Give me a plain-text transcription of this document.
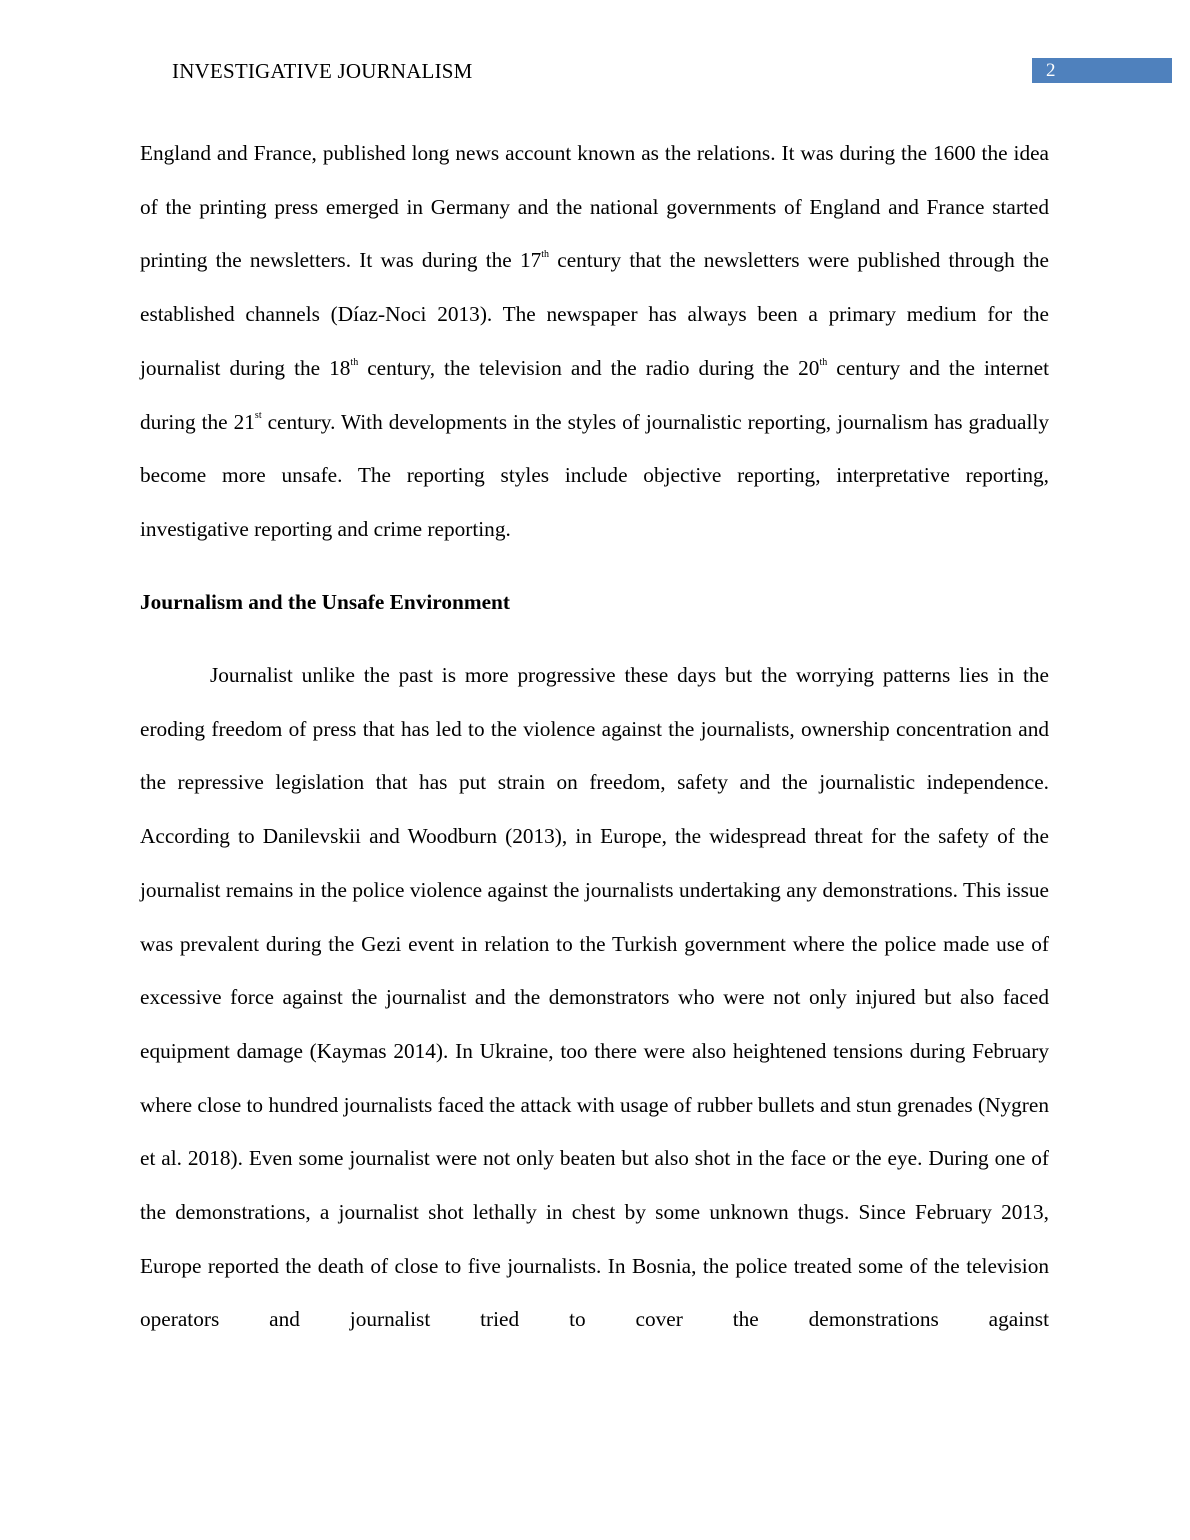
INVESTIGATIVE JOURNALISM	2

England and France, published long news account known as the relations. It was during the 1600 the idea of the printing press emerged in Germany and the national governments of England and France started printing the newsletters. It was during the 17th century that the newsletters were published through the established channels (Díaz-Noci 2013). The newspaper has always been a primary medium for the journalist during the 18th century, the television and the radio during the 20th century and the internet during the 21st century. With developments in the styles of journalistic reporting, journalism has gradually become more unsafe. The reporting styles include objective reporting, interpretative reporting, investigative reporting and crime reporting.

Journalism and the Unsafe Environment

Journalist unlike the past is more progressive these days but the worrying patterns lies in the eroding freedom of press that has led to the violence against the journalists, ownership concentration and the repressive legislation that has put strain on freedom, safety and the journalistic independence. According to Danilevskii and Woodburn (2013), in Europe, the widespread threat for the safety of the journalist remains in the police violence against the journalists undertaking any demonstrations. This issue was prevalent during the Gezi event in relation to the Turkish government where the police made use of excessive force against the journalist and the demonstrators who were not only injured but also faced equipment damage (Kaymas 2014). In Ukraine, too there were also heightened tensions during February where close to hundred journalists faced the attack with usage of rubber bullets and stun grenades (Nygren et al. 2018). Even some journalist were not only beaten but also shot in the face or the eye. During one of the demonstrations, a journalist shot lethally in chest by some unknown thugs. Since February 2013, Europe reported the death of close to five journalists. In Bosnia, the police treated some of the television operators and journalist tried to cover the demonstrations against
